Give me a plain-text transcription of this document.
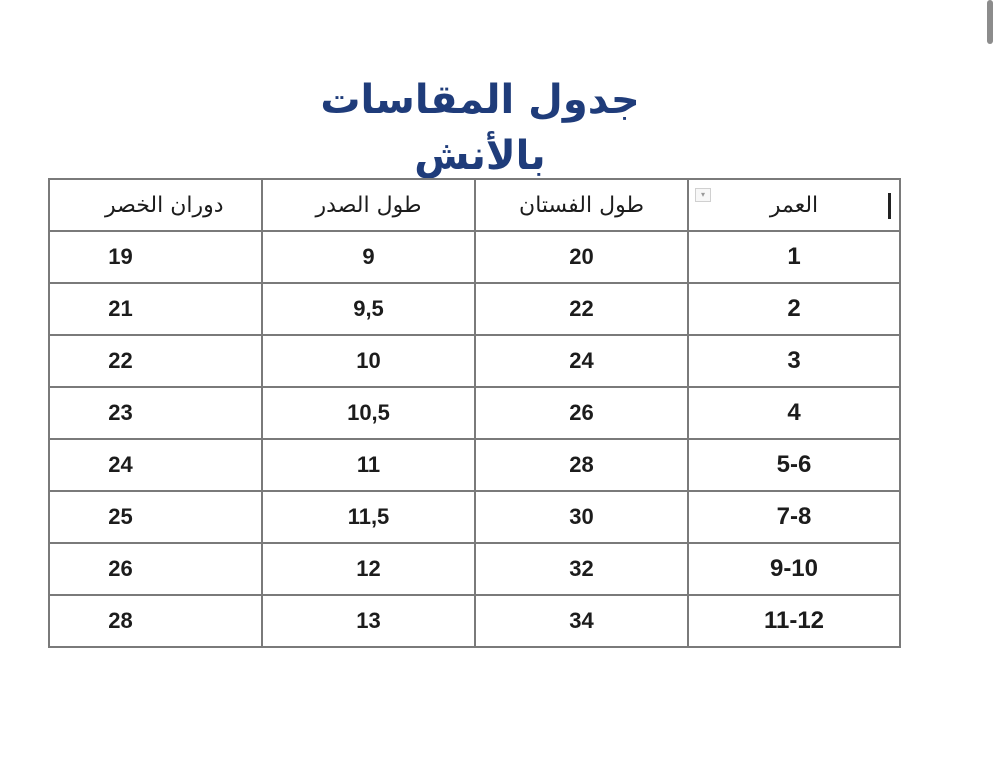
جدول المقاسات بالأنش
دوران الخصر	طول الصدر	طول الفستان	▾ العمر

19	9	20	1
21	9,5	22	2
22	10	24	3
23	10,5	26	4
24	11	28	5-6
25	11,5	30	7-8
26	12	32	9-10
28	13	34	11-12
